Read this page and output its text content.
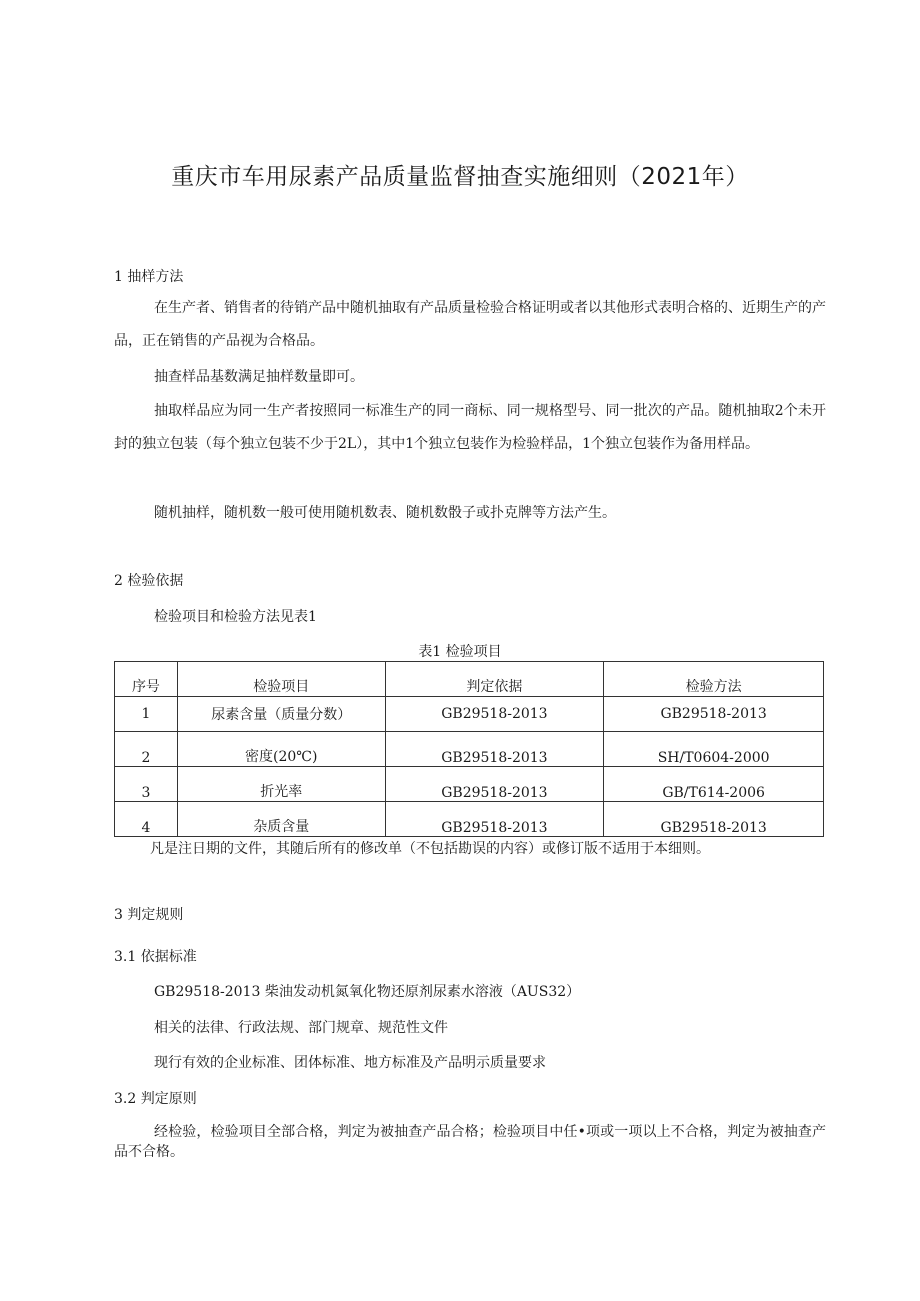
重庆市车用尿素产品质量监督抽查实施细则（2021年）
1 抽样方法
在生产者、销售者的待销产品中随机抽取有产品质量检验合格证明或者以其他形式表明合格的、近期生产的产品，正在销售的产品视为合格品。
抽查样品基数满足抽样数量即可。
抽取样品应为同一生产者按照同一标准生产的同一商标、同一规格型号、同一批次的产品。随机抽取2个未开封的独立包装（每个独立包装不少于2L），其中1个独立包装作为检验样品，1个独立包装作为备用样品。
随机抽样，随机数一般可使用随机数表、随机数骰子或扑克牌等方法产生。
2 检验依据
检验项目和检验方法见表1
表1 检验项目
序号	检验项目	判定依据	检验方法
1	尿素含量（质量分数）	GB29518-2013	GB29518-2013
2	密度(20℃)	GB29518-2013	SH/T0604-2000
3	折光率	GB29518-2013	GB/T614-2006
4	杂质含量	GB29518-2013	GB29518-2013
凡是注日期的文件，其随后所有的修改单（不包括勘误的内容）或修订版不适用于本细则。
3 判定规则
3.1 依据标准
GB29518-2013 柴油发动机氮氧化物还原剂尿素水溶液（AUS32）
相关的法律、行政法规、部门规章、规范性文件
现行有效的企业标准、团体标准、地方标准及产品明示质量要求
3.2 判定原则
经检验，检验项目全部合格，判定为被抽查产品合格；检验项目中任•项或一项以上不合格，判定为被抽查产品不合格。
